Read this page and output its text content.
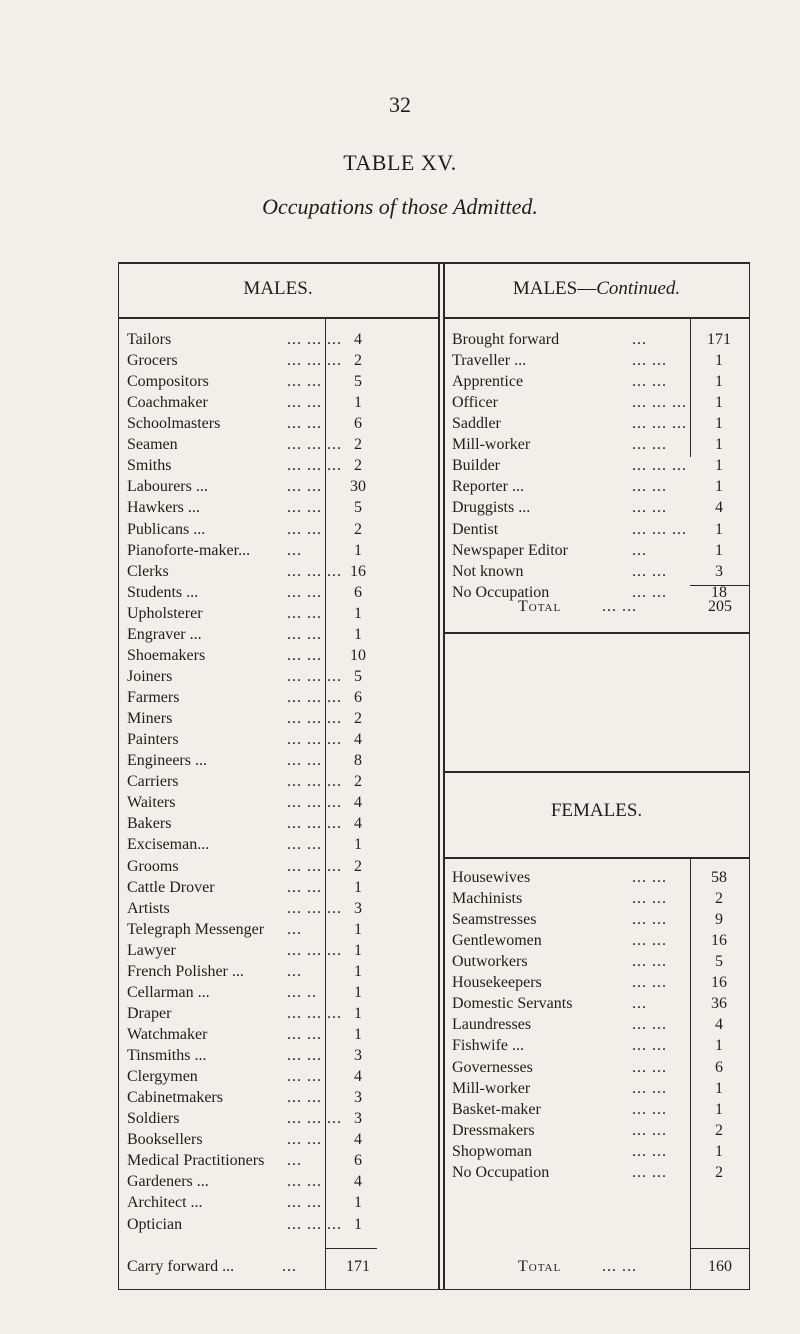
32
TABLE XV.
Occupations of those Admitted.
MALES.	MALES—Continued.
FEMALES.
Tailors	... ... ... 4
Grocers	... ... ... 2
Compositors	... ...	5
Coachmaker	... ...	1
Schoolmasters	... ...	6
Seamen	... ... ... 2
Smiths	... ... ... 2
Labourers ...	... ...	30
Hawkers ...	... ...	5
Publicans ...	... ...	2
Pianoforte-maker... ...	1
Clerks	... ... ... 16
Students ...	... ...	6
Upholsterer	... ...	1
Engraver ...	... ...	1
Shoemakers	... ...	10
Joiners	... ... ... 5
Farmers	... ... ... 6
Miners	... ... ... 2
Painters	... ... ... 4
Engineers ...	... ...	8
Carriers	... ... ... 2
Waiters	... ... ... 4
Bakers	... ... ... 4
Exciseman...	... ...	1
Grooms	... ... ... 2
Cattle Drover	... ...	1
Artists	... ... ... 3
Telegraph Messenger ...	1
Lawyer	... ... ... 1
French Polisher ...	...	1
Cellarman ...	... ..	1
Draper	... ... ... 1
Watchmaker	... ...	1
Tinsmiths ...	... ...	3
Clergymen	... ...	4
Cabinetmakers	... ...	3
Soldiers	... ... ... 3
Booksellers	... ...	4
Medical Practitioners ...	6
Gardeners ...	... ...	4
Architect ...	... ...	1
Optician	... ... ... 1
Brought forward	...	171
Traveller ...	... ...	1
Apprentice	... ...	1
Officer	... ... ...	1
Saddler	... ... ...	1
Mill-worker	... ...	1
Builder	... ... ...	1
Reporter ...	... ...	1
Druggists ...	... ...	4
Dentist	... ... ...	1
Newspaper Editor	...	1
Not known	... ...	3
No Occupation	... ...	18
Housewives	... ...	58
Machinists	... ...	2
Seamstresses	... ...	9
Gentlewomen	... ...	16
Outworkers	... ...	5
Housekeepers	... ...	16
Domestic Servants	...	36
Laundresses	... ...	4
Fishwife ...	... ...	1
Governesses	... ...	6
Mill-worker	... ...	1
Basket-maker	... ...	1
Dressmakers	... ...	2
Shopwoman	... ...	1
No Occupation	... ...	2
Carry forward ...	...	171
Total	... ...	205
Total	... ...	160
